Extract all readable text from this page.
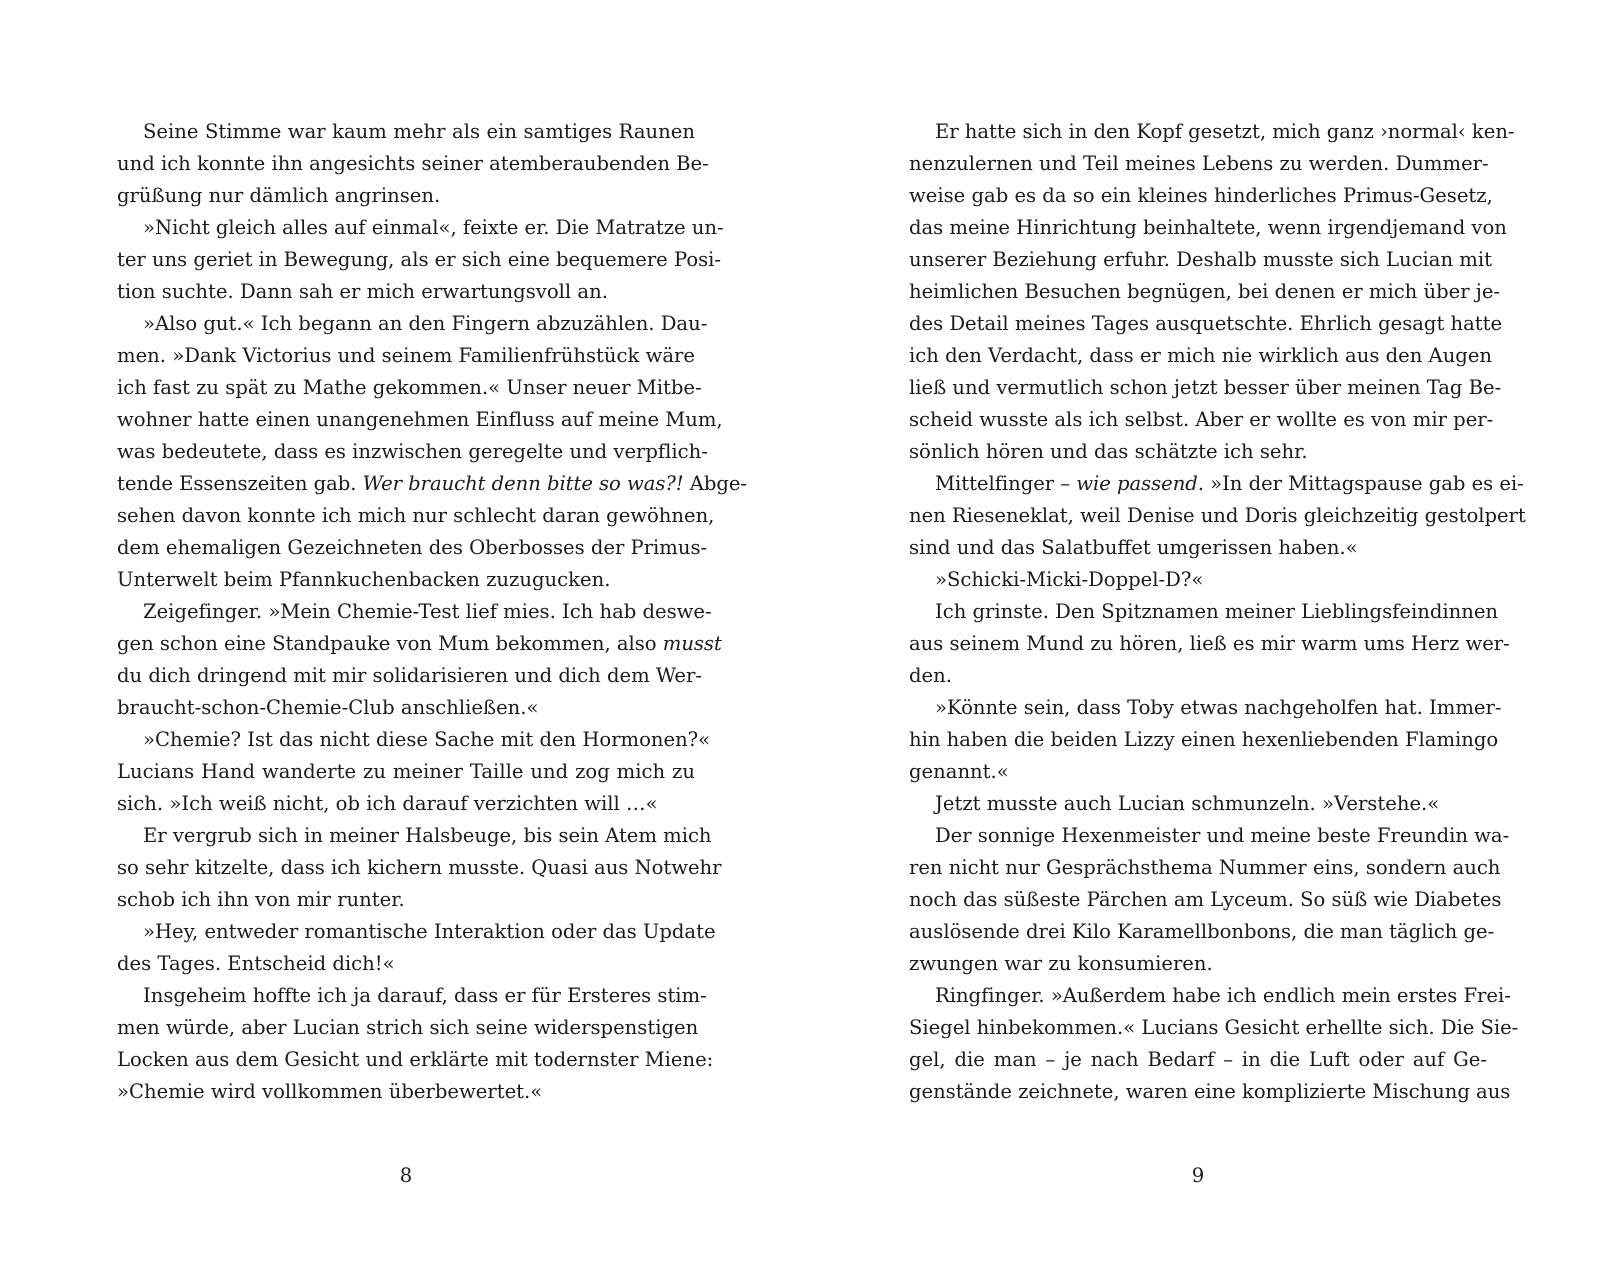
Seine Stimme war kaum mehr als ein samtiges Raunen
und ich konnte ihn angesichts seiner atemberaubenden Be-
grüßung nur dämlich angrinsen.
»Nicht gleich alles auf einmal«, feixte er. Die Matratze un-
ter uns geriet in Bewegung, als er sich eine bequemere Posi-
tion suchte. Dann sah er mich erwartungsvoll an.
»Also gut.« Ich begann an den Fingern abzuzählen. Dau-
men. »Dank Victorius und seinem Familienfrühstück wäre
ich fast zu spät zu Mathe gekommen.« Unser neuer Mitbe-
wohner hatte einen unangenehmen Einfluss auf meine Mum,
was bedeutete, dass es inzwischen geregelte und verpflich-
tende Essenszeiten gab. Wer braucht denn bitte so was?! Abge-
sehen davon konnte ich mich nur schlecht daran gewöhnen,
dem ehemaligen Gezeichneten des Oberbosses der Primus-
Unterwelt beim Pfannkuchenbacken zuzugucken.
Zeigefinger. »Mein Chemie-Test lief mies. Ich hab deswe-
gen schon eine Standpauke von Mum bekommen, also musst
du dich dringend mit mir solidarisieren und dich dem Wer-
braucht-schon-Chemie-Club anschließen.«
»Chemie? Ist das nicht diese Sache mit den Hormonen?«
Lucians Hand wanderte zu meiner Taille und zog mich zu
sich. »Ich weiß nicht, ob ich darauf verzichten will …«
Er vergrub sich in meiner Halsbeuge, bis sein Atem mich
so sehr kitzelte, dass ich kichern musste. Quasi aus Notwehr
schob ich ihn von mir runter.
»Hey, entweder romantische Interaktion oder das Update
des Tages. Entscheid dich!«
Insgeheim hoffte ich ja darauf, dass er für Ersteres stim-
men würde, aber Lucian strich sich seine widerspenstigen
Locken aus dem Gesicht und erklärte mit todernster Miene:
»Chemie wird vollkommen überbewertet.«
Er hatte sich in den Kopf gesetzt, mich ganz ›normal‹ ken-
nenzulernen und Teil meines Lebens zu werden. Dummer-
weise gab es da so ein kleines hinderliches Primus-Gesetz,
das meine Hinrichtung beinhaltete, wenn irgendjemand von
unserer Beziehung erfuhr. Deshalb musste sich Lucian mit
heimlichen Besuchen begnügen, bei denen er mich über je-
des Detail meines Tages ausquetschte. Ehrlich gesagt hatte
ich den Verdacht, dass er mich nie wirklich aus den Augen
ließ und vermutlich schon jetzt besser über meinen Tag Be-
scheid wusste als ich selbst. Aber er wollte es von mir per-
sönlich hören und das schätzte ich sehr.
Mittelfinger – wie passend. »In der Mittagspause gab es ei-
nen Rieseneklat, weil Denise und Doris gleichzeitig gestolpert
sind und das Salatbuffet umgerissen haben.«
»Schicki-Micki-Doppel-D?«
Ich grinste. Den Spitznamen meiner Lieblingsfeindinnen
aus seinem Mund zu hören, ließ es mir warm ums Herz wer-
den.
»Könnte sein, dass Toby etwas nachgeholfen hat. Immer-
hin haben die beiden Lizzy einen hexenliebenden Flamingo
genannt.«
Jetzt musste auch Lucian schmunzeln. »Verstehe.«
Der sonnige Hexenmeister und meine beste Freundin wa-
ren nicht nur Gesprächsthema Nummer eins, sondern auch
noch das süßeste Pärchen am Lyceum. So süß wie Diabetes
auslösende drei Kilo Karamellbonbons, die man täglich ge-
zwungen war zu konsumieren.
Ringfinger. »Außerdem habe ich endlich mein erstes Frei-
Siegel hinbekommen.« Lucians Gesicht erhellte sich. Die Sie-
gel, die man – je nach Bedarf – in die Luft oder auf Ge-
genstände zeichnete, waren eine komplizierte Mischung aus
8	9
